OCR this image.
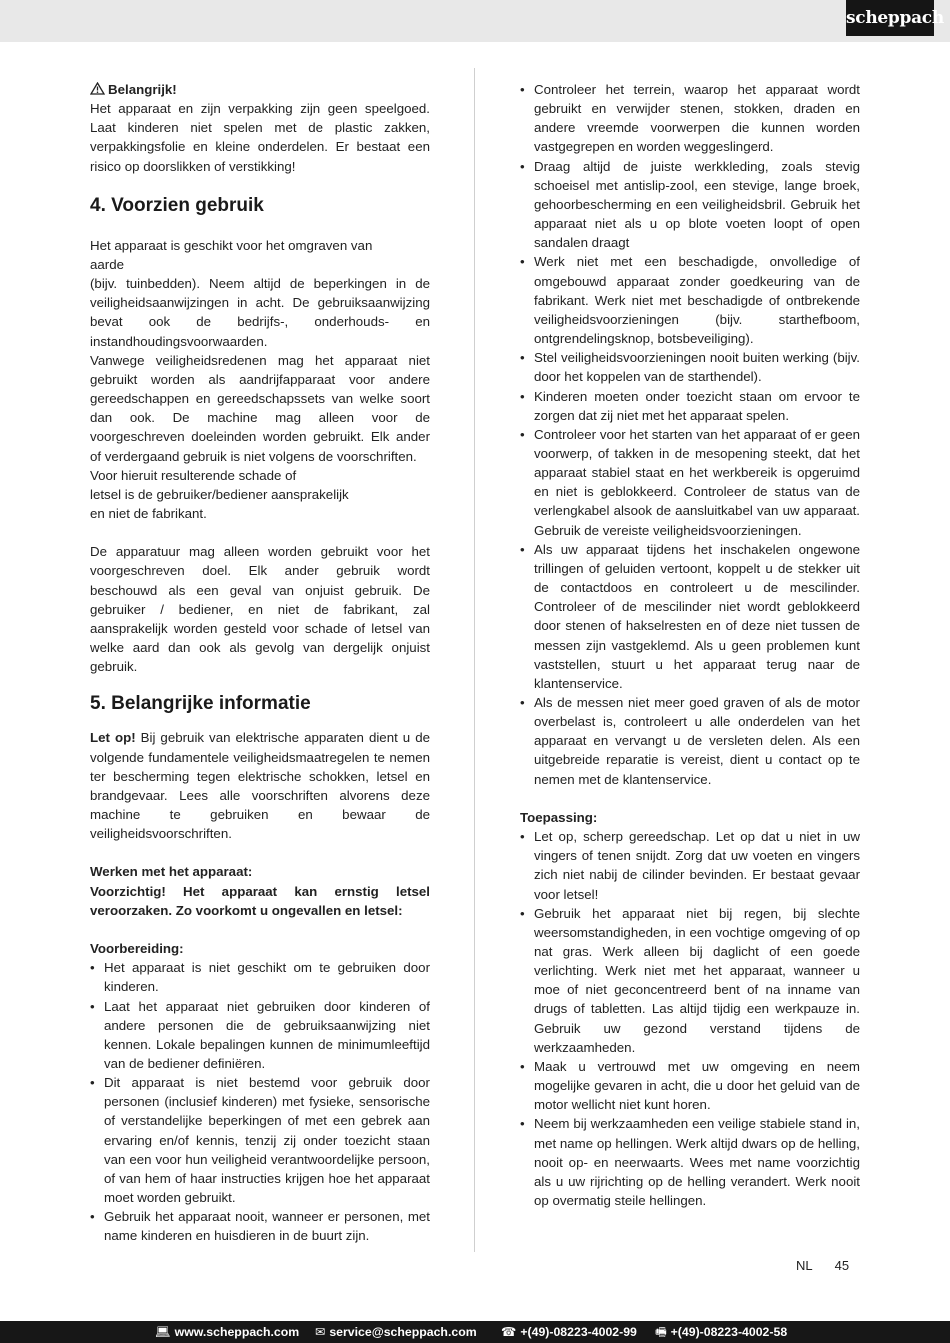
scheppach

Belangrijk!

Het apparaat en zijn verpakking zijn geen speelgoed. Laat kinderen niet spelen met de plastic zakken, verpakkingsfolie en kleine onderdelen. Er bestaat een risico op doorslikken of verstikking!

4. Voorzien gebruik

Het apparaat is geschikt voor het omgraven van aarde

(bijv. tuinbedden). Neem altijd de beperkingen in de veiligheidsaanwijzingen in acht. De gebruiksaanwijzing bevat ook de bedrijfs-, onderhouds- en instandhoudingsvoorwaarden.

Vanwege veiligheidsredenen mag het apparaat niet gebruikt worden als aandrijfapparaat voor andere gereedschappen en gereedschapssets van welke soort dan ook. De machine mag alleen voor de voorgeschreven doeleinden worden gebruikt. Elk ander of verdergaand gebruik is niet volgens de voorschriften.

Voor hieruit resulterende schade of

letsel is de gebruiker/bediener aansprakelijk

en niet de fabrikant.

De apparatuur mag alleen worden gebruikt voor het voorgeschreven doel. Elk ander gebruik wordt beschouwd als een geval van onjuist gebruik. De gebruiker / bediener, en niet de fabrikant, zal aansprakelijk worden gesteld voor schade of letsel van welke aard dan ook als gevolg van dergelijk onjuist gebruik.

5. Belangrijke informatie

Let op! Bij gebruik van elektrische apparaten dient u de volgende fundamentele veiligheidsmaatregelen te nemen ter bescherming tegen elektrische schokken, letsel en brandgevaar. Lees alle voorschriften alvorens deze machine te gebruiken en bewaar de veiligheidsvoorschriften.

Werken met het apparaat:

Voorzichtig! Het apparaat kan ernstig letsel veroorzaken. Zo voorkomt u ongevallen en letsel:

Voorbereiding:

• Het apparaat is niet geschikt om te gebruiken door kinderen.
• Laat het apparaat niet gebruiken door kinderen of andere personen die de gebruiksaanwijzing niet kennen. Lokale bepalingen kunnen de minimumleeftijd van de bediener definiëren.
• Dit apparaat is niet bestemd voor gebruik door personen (inclusief kinderen) met fysieke, sensorische of verstandelijke beperkingen of met een gebrek aan ervaring en/of kennis, tenzij zij onder toezicht staan van een voor hun veiligheid verantwoordelijke persoon, of van hem of haar instructies krijgen hoe het apparaat moet worden gebruikt.
• Gebruik het apparaat nooit, wanneer er personen, met name kinderen en huisdieren in de buurt zijn.
• Controleer het terrein, waarop het apparaat wordt gebruikt en verwijder stenen, stokken, draden en andere vreemde voorwerpen die kunnen worden vastgegrepen en worden weggeslingerd.
• Draag altijd de juiste werkkleding, zoals stevig schoeisel met antislip-zool, een stevige, lange broek, gehoorbescherming en een veiligheidsbril. Gebruik het apparaat niet als u op blote voeten loopt of open sandalen draagt
• Werk niet met een beschadigde, onvolledige of omgebouwd apparaat zonder goedkeuring van de fabrikant. Werk niet met beschadigde of ontbrekende veiligheidsvoorzieningen (bijv. starthefboom, ontgrendelingsknop, botsbeveiliging).
• Stel veiligheidsvoorzieningen nooit buiten werking (bijv. door het koppelen van de starthendel).
• Kinderen moeten onder toezicht staan om ervoor te zorgen dat zij niet met het apparaat spelen.
• Controleer voor het starten van het apparaat of er geen voorwerp, of takken in de mesopening steekt, dat het apparaat stabiel staat en het werkbereik is opgeruimd en niet is geblokkeerd. Controleer de status van de verlengkabel alsook de aansluitkabel van uw apparaat. Gebruik de vereiste veiligheidsvoorzieningen.
• Als uw apparaat tijdens het inschakelen ongewone trillingen of geluiden vertoont, koppelt u de stekker uit de contactdoos en controleert u de mescilinder. Controleer of de mescilinder niet wordt geblokkeerd door stenen of hakselresten en of deze niet tussen de messen zijn vastgeklemd. Als u geen problemen kunt vaststellen, stuurt u het apparaat terug naar de klantenservice.
• Als de messen niet meer goed graven of als de motor overbelast is, controleert u alle onderdelen van het apparaat en vervangt u de versleten delen. Als een uitgebreide reparatie is vereist, dient u contact op te nemen met de klantenservice.

Toepassing:

• Let op, scherp gereedschap. Let op dat u niet in uw vingers of tenen snijdt. Zorg dat uw voeten en vingers zich niet nabij de cilinder bevinden. Er bestaat gevaar voor letsel!
• Gebruik het apparaat niet bij regen, bij slechte weersomstandigheden, in een vochtige omgeving of op nat gras. Werk alleen bij daglicht of een goede verlichting. Werk niet met het apparaat, wanneer u moe of niet geconcentreerd bent of na inname van drugs of tabletten. Las altijd tijdig een werkpauze in. Gebruik uw gezond verstand tijdens de werkzaamheden.
• Maak u vertrouwd met uw omgeving en neem mogelijke gevaren in acht, die u door het geluid van de motor wellicht niet kunt horen.
• Neem bij werkzaamheden een veilige stabiele stand in, met name op hellingen. Werk altijd dwars op de helling, nooit op- en neerwaarts. Wees met name voorzichtig als u uw rijrichting op de helling verandert. Werk nooit op overmatig steile hellingen.
NL 45
💻︎ www.scheppach.com ✉︎ service@scheppach.com ☎︎ +(49)-08223-4002-99 🖷︎ +(49)-08223-4002-58
